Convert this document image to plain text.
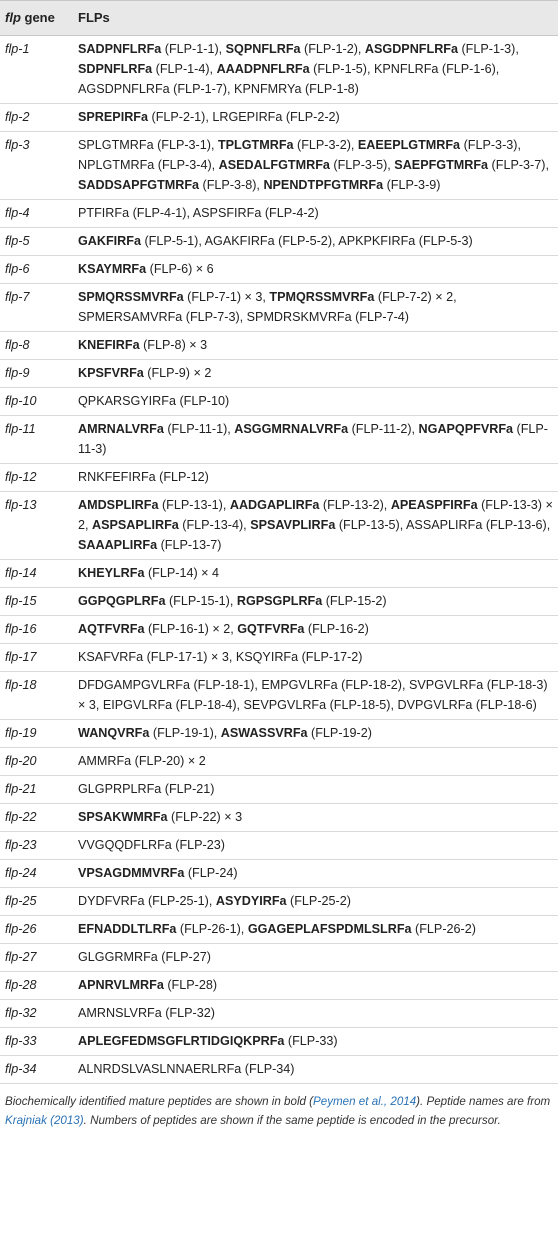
flp gene	FLPs
flp-1	SADPNFLRFa (FLP-1-1), SQPNFLRFa (FLP-1-2), ASGDPNFLRFa (FLP-1-3), SDPNFLRFa (FLP-1-4), AAADPNFLRFa (FLP-1-5), KPNFLRFa (FLP-1-6), AGSDPNFLRFa (FLP-1-7), KPNFMRYa (FLP-1-8)
flp-2	SPREPIRFa (FLP-2-1), LRGEPIRFa (FLP-2-2)
flp-3	SPLGTMRFa (FLP-3-1), TPLGTMRFa (FLP-3-2), EAEEPLGTMRFa (FLP-3-3), NPLGTMRFa (FLP-3-4), ASEDALFGTMRFa (FLP-3-5), SAEPFGTMRFa (FLP-3-7), SADDSAPFGTMRFa (FLP-3-8), NPENDTPFGTMRFa (FLP-3-9)
flp-4	PTFIRFa (FLP-4-1), ASPSFIRFa (FLP-4-2)
flp-5	GAKFIRFa (FLP-5-1), AGAKFIRFa (FLP-5-2), APKPKFIRFa (FLP-5-3)
flp-6	KSAYMRFa (FLP-6) × 6
flp-7	SPMQRSSMVRFa (FLP-7-1) × 3, TPMQRSSMVRFa (FLP-7-2) × 2, SPMERSAMVRFa (FLP-7-3), SPMDRSKMVRFa (FLP-7-4)
flp-8	KNEFIRFa (FLP-8) × 3
flp-9	KPSFVRFa (FLP-9) × 2
flp-10	QPKARSGYIRFa (FLP-10)
flp-11	AMRNALVRFa (FLP-11-1), ASGGMRNALVRFa (FLP-11-2), NGAPQPFVRFa (FLP-11-3)
flp-12	RNKFEFIRFa (FLP-12)
flp-13	AMDSPLIRFa (FLP-13-1), AADGAPLIRFa (FLP-13-2), APEASPFIRFa (FLP-13-3) × 2, ASPSAPLIRFa (FLP-13-4), SPSAVPLIRFa (FLP-13-5), ASSAPLIRFa (FLP-13-6), SAAAPLIRFa (FLP-13-7)
flp-14	KHEYLRFa (FLP-14) × 4
flp-15	GGPQGPLRFa (FLP-15-1), RGPSGPLRFa (FLP-15-2)
flp-16	AQTFVRFa (FLP-16-1) × 2, GQTFVRFa (FLP-16-2)
flp-17	KSAFVRFa (FLP-17-1) × 3, KSQYIRFa (FLP-17-2)
flp-18	DFDGAMPGVLRFa (FLP-18-1), EMPGVLRFa (FLP-18-2), SVPGVLRFa (FLP-18-3) × 3, EIPGVLRFa (FLP-18-4), SEVPGVLRFa (FLP-18-5), DVPGVLRFa (FLP-18-6)
flp-19	WANQVRFa (FLP-19-1), ASWASSVRFa (FLP-19-2)
flp-20	AMMRFa (FLP-20) × 2
flp-21	GLGPRPLRFa (FLP-21)
flp-22	SPSAKWMRFa (FLP-22) × 3
flp-23	VVGQQDFLRFa (FLP-23)
flp-24	VPSAGDMMVRFa (FLP-24)
flp-25	DYDFVRFa (FLP-25-1), ASYDYIRFa (FLP-25-2)
flp-26	EFNADDLTLRFa (FLP-26-1), GGAGEPLAFSPDMLSLRFa (FLP-26-2)
flp-27	GLGGRMRFa (FLP-27)
flp-28	APNRVLMRFa (FLP-28)
flp-32	AMRNSLVRFa (FLP-32)
flp-33	APLEGFEDMSGFLRTIDGIQKPRFa (FLP-33)
flp-34	ALNRDSLVASLNNAERLRFa (FLP-34)
Biochemically identified mature peptides are shown in bold (Peymen et al., 2014). Peptide names are from Krajniak (2013). Numbers of peptides are shown if the same peptide is encoded in the precursor.
